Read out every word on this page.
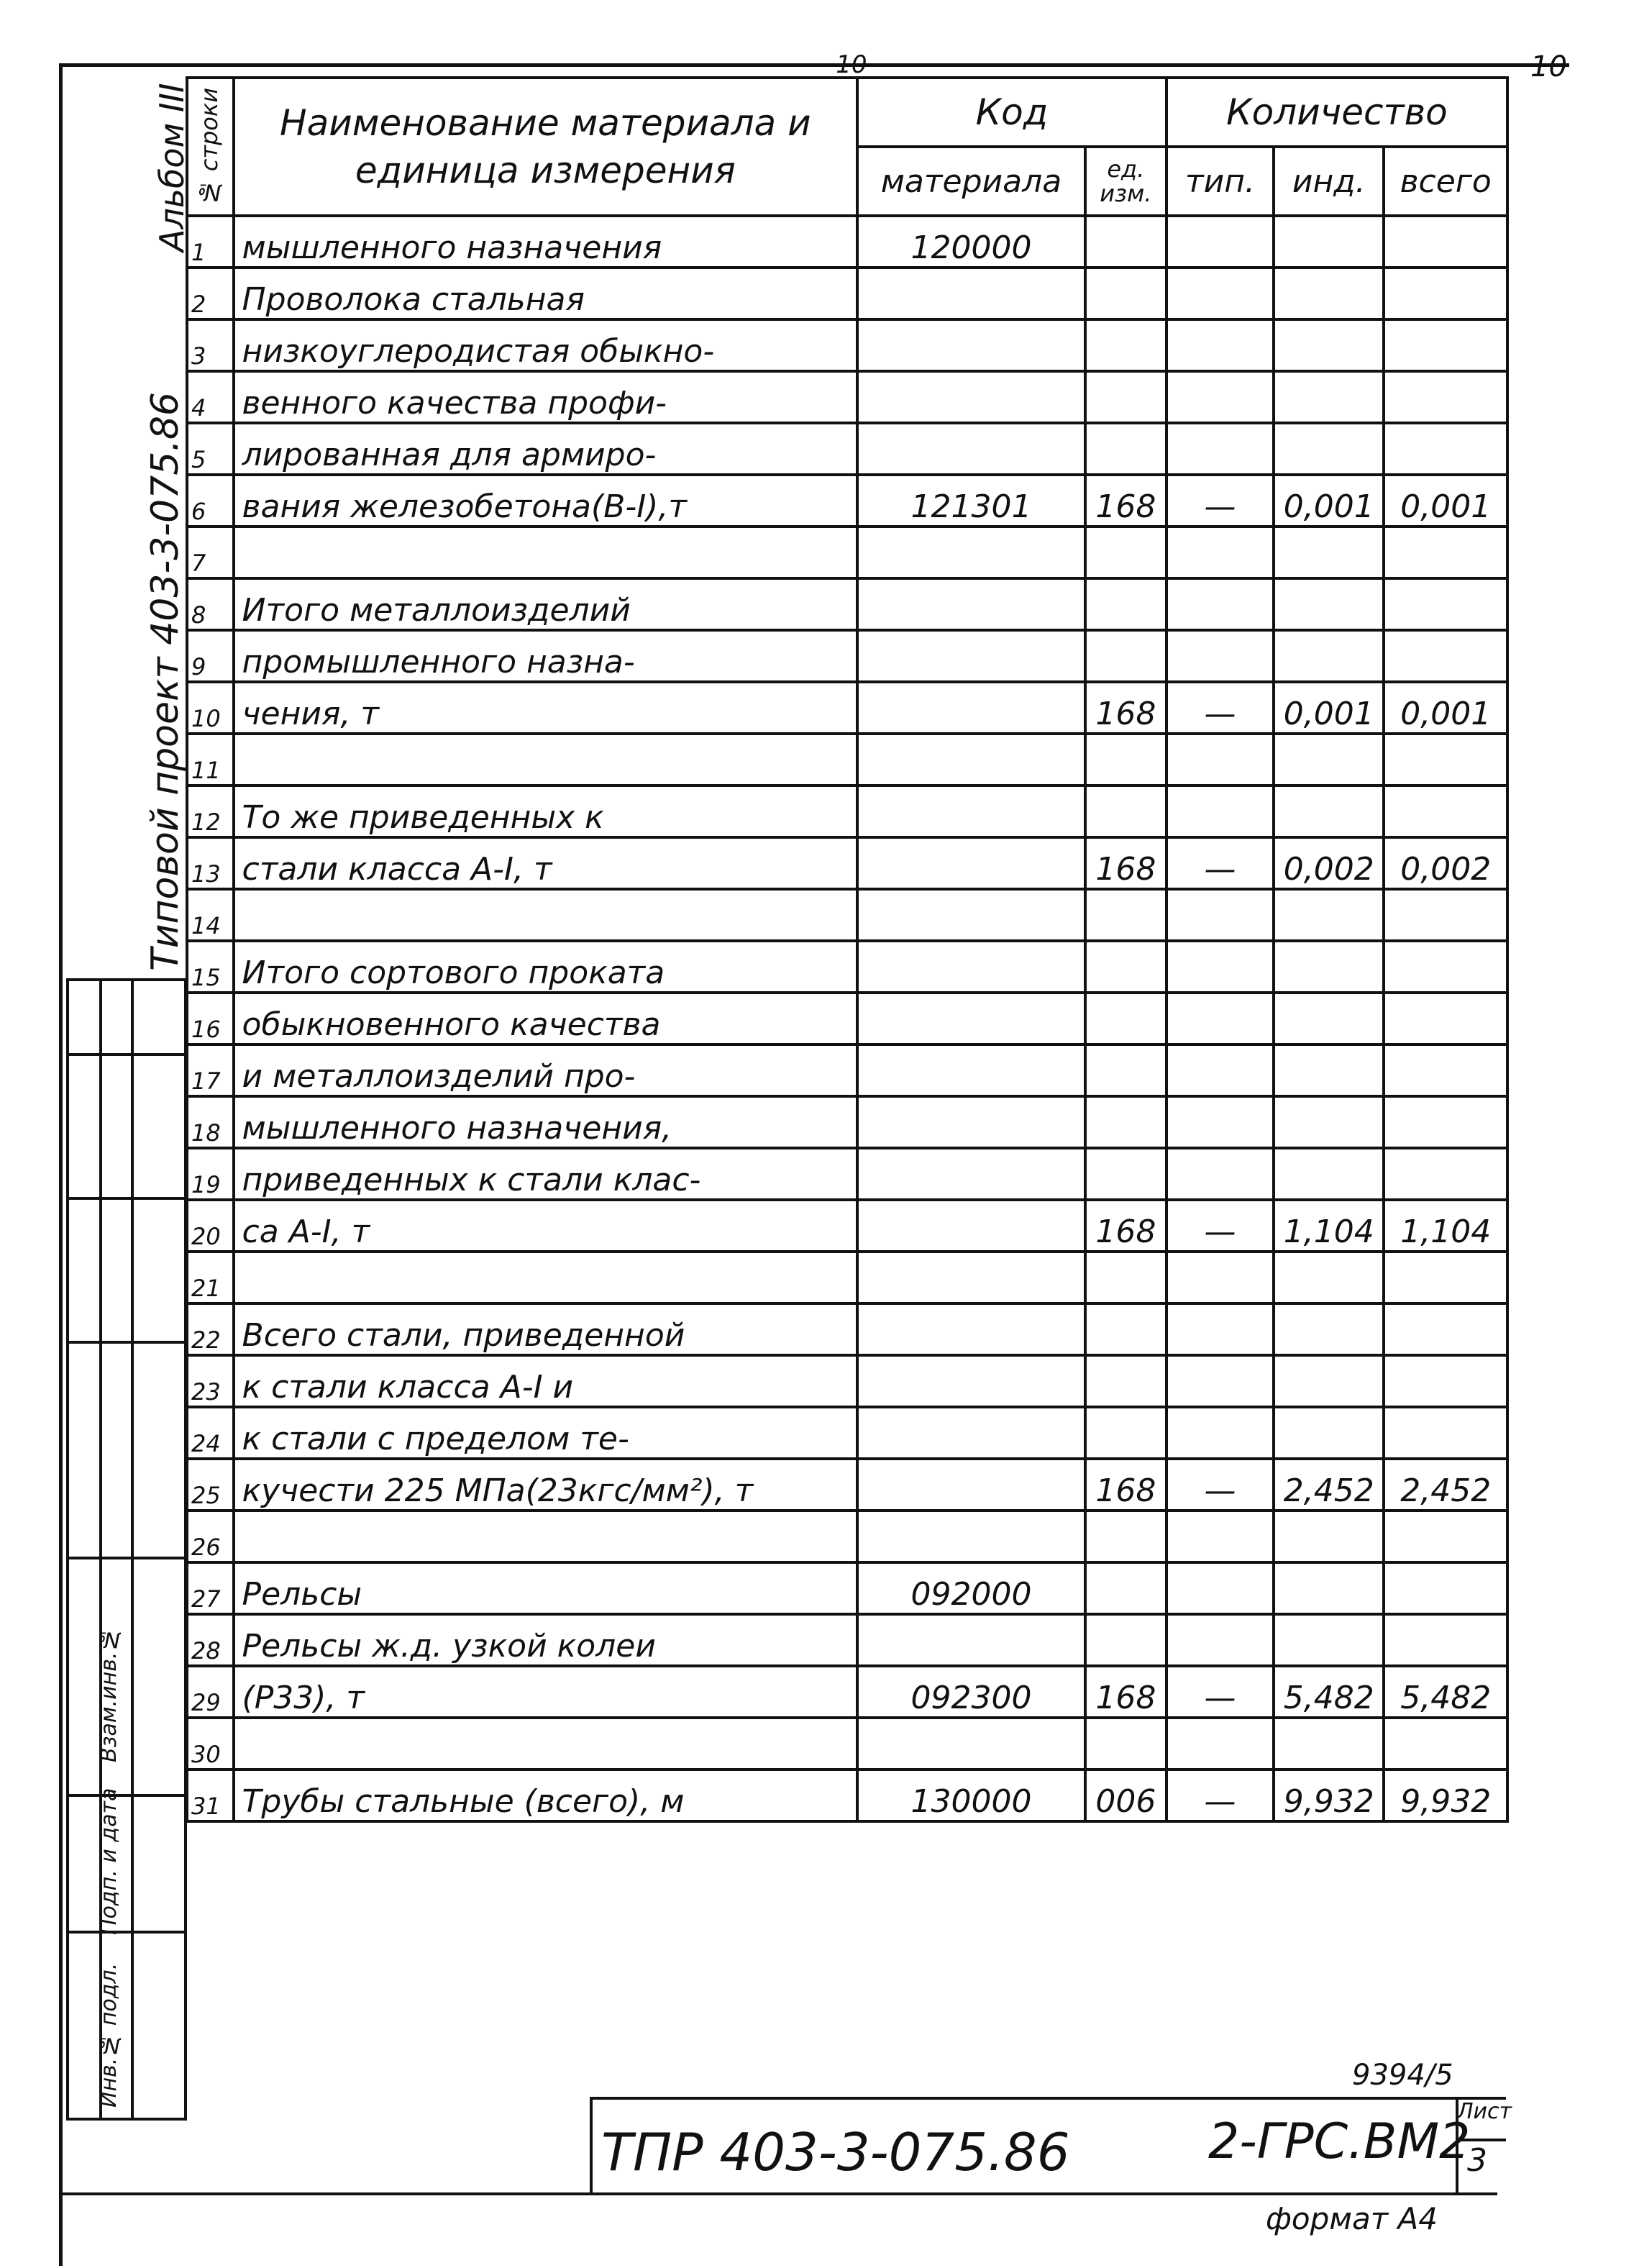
-10-	10
Альбом III
Типовой проект 403-3-075.86
Инв.№ подл.
Подп. и дата
Взам.инв.№
№ строки	Наименование материала и единица измерения	Код		Количество		
		материала	ед. изм.	тип.	инд.	всего
1	мышленного назначения	120000				
2	Проволока стальная					
3	низкоуглеродистая обыкно-					
4	венного качества профи-					
5	лированная для армиро-					
6	вания железобетона(В-I),т	121301	168	—	0,001	0,001
7						
8	Итого металлоизделий					
9	промышленного назна-					
10	чения, т		168	—	0,001	0,001
11						
12	То же приведенных к					
13	стали класса А-I, т		168	—	0,002	0,002
14						
15	Итого сортового проката					
16	обыкновенного качества					
17	и металлоизделий про-					
18	мышленного назначения,					
19	приведенных к стали клас-					
20	са А-I, т		168	—	1,104	1,104
21						
22	Всего стали, приведенной					
23	к стали класса А-I и					
24	к стали с пределом те-					
25	кучести 225 МПа(23кгс/мм²), т		168	—	2,452	2,452
26						
27	Рельсы	092000				
28	Рельсы ж.д. узкой колеи					
29	(Р33), т	092300	168	—	5,482	5,482
30						
31	Трубы стальные (всего), м	130000	006	—	9,932	9,932
9394/5
ТПР 403-3-075.86	2-ГРС.ВМ2
Лист
3
формат А4
